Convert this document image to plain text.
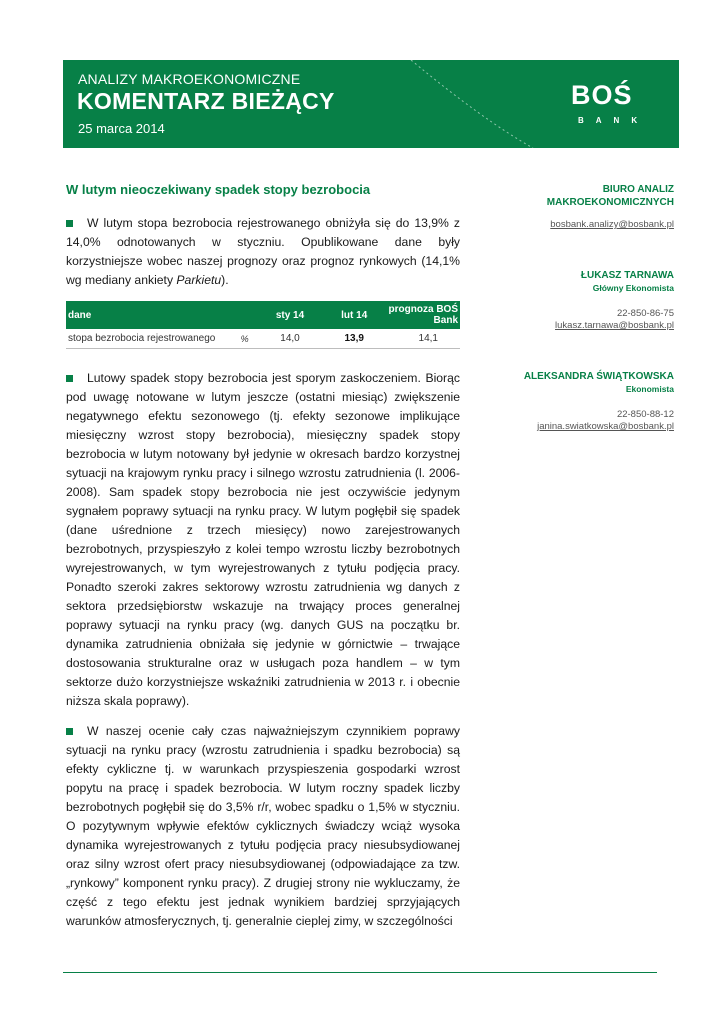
ANALIZY MAKROEKONOMICZNE
KOMENTARZ BIEŻĄCY
25 marca 2014
BOŚ
BANK
W lutym nieoczekiwany spadek stopy bezrobocia

W lutym stopa bezrobocia rejestrowanego obniżyła się do 13,9% z 14,0% odnotowanych w styczniu. Opublikowane dane były korzystniejsze wobec naszej prognozy oraz prognoz rynkowych (14,1% wg mediany ankiety Parkietu).

dane		sty 14	lut 14	prognoza BOŚ Bank
stopa bezrobocia rejestrowanego	%	14,0	13,9	14,1

Lutowy spadek stopy bezrobocia jest sporym zaskoczeniem. Biorąc pod uwagę notowane w lutym jeszcze (ostatni miesiąc) zwiększenie negatywnego efektu sezonowego (tj. efekty sezonowe implikujące miesięczny wzrost stopy bezrobocia), miesięczny spadek stopy bezrobocia w lutym notowany był jedynie w okresach bardzo korzystnej sytuacji na krajowym rynku pracy i silnego wzrostu zatrudnienia (l. 2006-2008). Sam spadek stopy bezrobocia nie jest oczywiście jedynym sygnałem poprawy sytuacji na rynku pracy. W lutym pogłębił się spadek (dane uśrednione z trzech miesięcy) nowo zarejestrowanych bezrobotnych, przyspieszyło z kolei tempo wzrostu liczby bezrobotnych wyrejestrowanych, w tym wyrejestrowanych z tytułu podjęcia pracy. Ponadto szeroki zakres sektorowy wzrostu zatrudnienia wg danych z sektora przedsiębiorstw wskazuje na trwający proces generalnej poprawy sytuacji na rynku pracy (wg. danych GUS na początku br. dynamika zatrudnienia obniżała się jedynie w górnictwie – trwające dostosowania strukturalne oraz w usługach poza handlem – w tym sektorze dużo korzystniejsze wskaźniki zatrudnienia w 2013 r. i obecnie niższa skala poprawy).

W naszej ocenie cały czas najważniejszym czynnikiem poprawy sytuacji na rynku pracy (wzrostu zatrudnienia i spadku bezrobocia) są efekty cykliczne tj. w warunkach przyspieszenia gospodarki wzrost popytu na pracę i spadek bezrobocia. W lutym roczny spadek liczby bezrobotnych pogłębił się do 3,5% r/r, wobec spadku o 1,5% w styczniu. O pozytywnym wpływie efektów cyklicznych świadczy wciąż wysoka dynamika wyrejestrowanych z tytułu podjęcia pracy niesubsydiowanej oraz silny wzrost ofert pracy niesubsydiowanej (odpowiadające za tzw. „rynkowy” komponent rynku pracy). Z drugiej strony nie wykluczamy, że część z tego efektu jest jednak wynikiem bardziej sprzyjających warunków atmosferycznych, tj. generalnie cieplej zimy, w szczególności

BIURO ANALIZ
MAKROEKONOMICZNYCH
bosbank.analizy@bosbank.pl
ŁUKASZ TARNAWA
Główny Ekonomista
22-850-86-75
lukasz.tarnawa@bosbank.pl
ALEKSANDRA ŚWIĄTKOWSKA
Ekonomista
22-850-88-12
janina.swiatkowska@bosbank.pl
